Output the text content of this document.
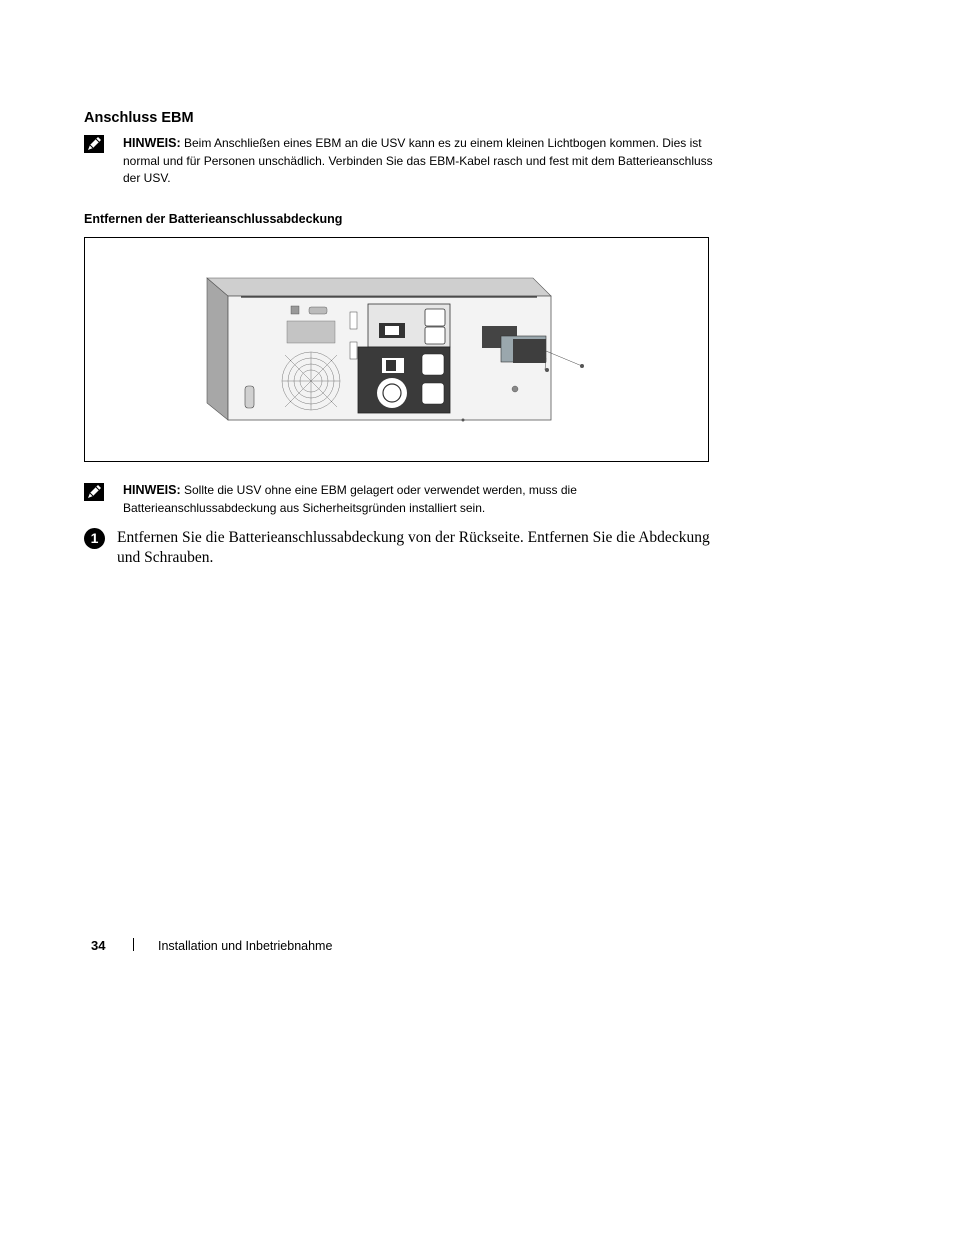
Anschluss EBM
HINWEIS: Beim Anschließen eines EBM an die USV kann es zu einem kleinen Lichtbogen kommen. Dies ist
normal und für Personen unschädlich. Verbinden Sie das EBM-Kabel rasch und fest mit dem Batterieanschluss
der USV.
Entfernen der Batterieanschlussabdeckung
HINWEIS: Sollte die USV ohne eine EBM gelagert oder verwendet werden, muss die
Batterieanschlussabdeckung aus Sicherheitsgründen installiert sein.
1	Entfernen Sie die Batterieanschlussabdeckung von der Rückseite. Entfernen Sie die Abdeckung
und Schrauben.
34	Installation und Inbetriebnahme
